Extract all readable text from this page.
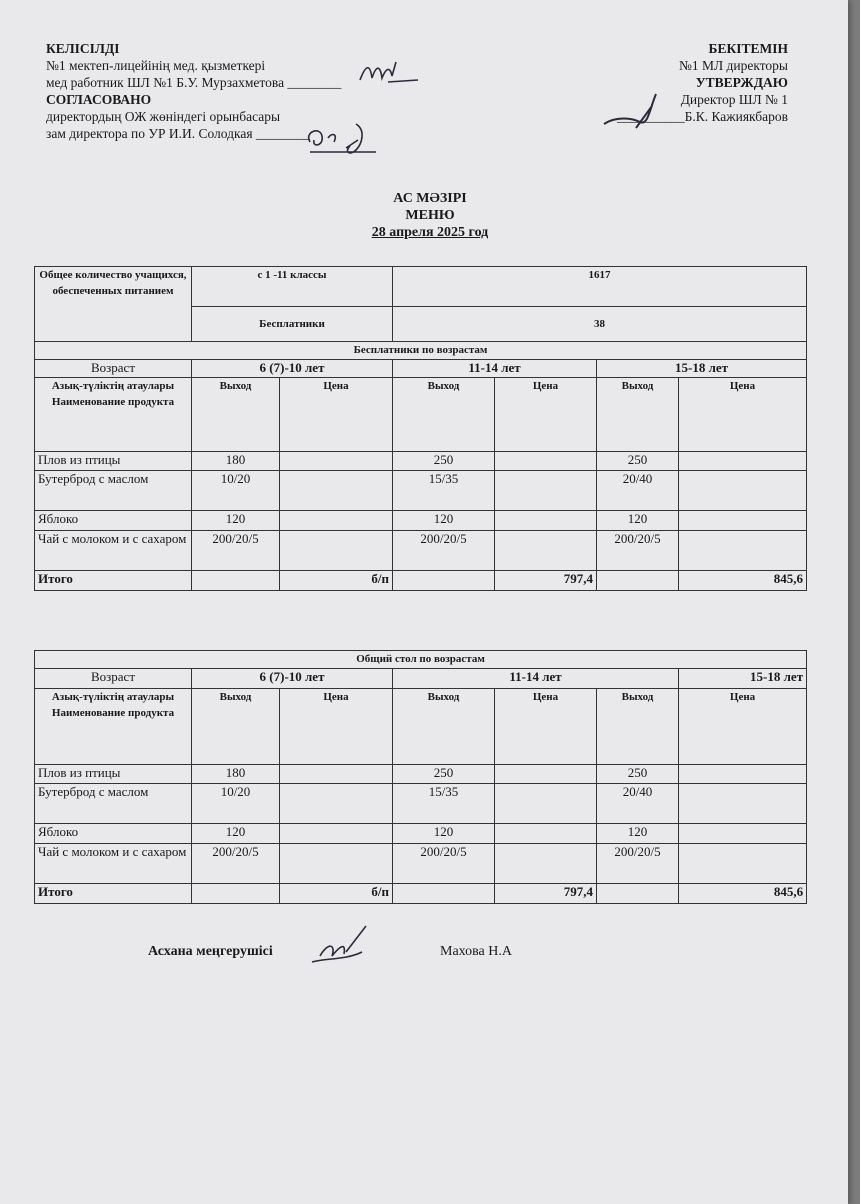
КЕЛІСІЛДІ
№1 мектеп-лицейінің мед. қызметкері
мед работник ШЛ №1 Б.У. Мурзахметова ________
СОГЛАСОВАНО
директордың ОЖ жөніндегі орынбасары
зам директора по УР И.И. Солодкая ________
БЕКІТЕМІН
№1 МЛ директоры
УТВЕРЖДАЮ
Директор ШЛ № 1
__________Б.К. Кажиякбаров
АС МӘЗІРІ
МЕНЮ
28 апреля 2025 год
Общее количество учащихся, обеспеченных питанием	с 1 -11 классы		1617			
	Бесплатники		38			
Бесплатники по возрастам						
Возраст	6 (7)-10 лет		11-14 лет		15-18 лет	
Азық-түліктің атаулары Наименование продукта	Выход	Цена	Выход	Цена	Выход	Цена
Плов из птицы	180		250		250	
Бутерброд с маслом	10/20		15/35		20/40	
Яблоко	120		120		120	
Чай с молоком и с сахаром	200/20/5		200/20/5		200/20/5	
Итого		б/п		797,4		845,6
Общий стол по возрастам						
Возраст	6 (7)-10 лет		11-14 лет			15-18 лет
Азық-түліктің атаулары Наименование продукта	Выход	Цена	Выход	Цена	Выход	Цена
Плов из птицы	180		250		250	
Бутерброд с маслом	10/20		15/35		20/40	
Яблоко	120		120		120	
Чай с молоком и с сахаром	200/20/5		200/20/5		200/20/5	
Итого		б/п		797,4		845,6
Асхана меңгерушісі	Махова Н.А
